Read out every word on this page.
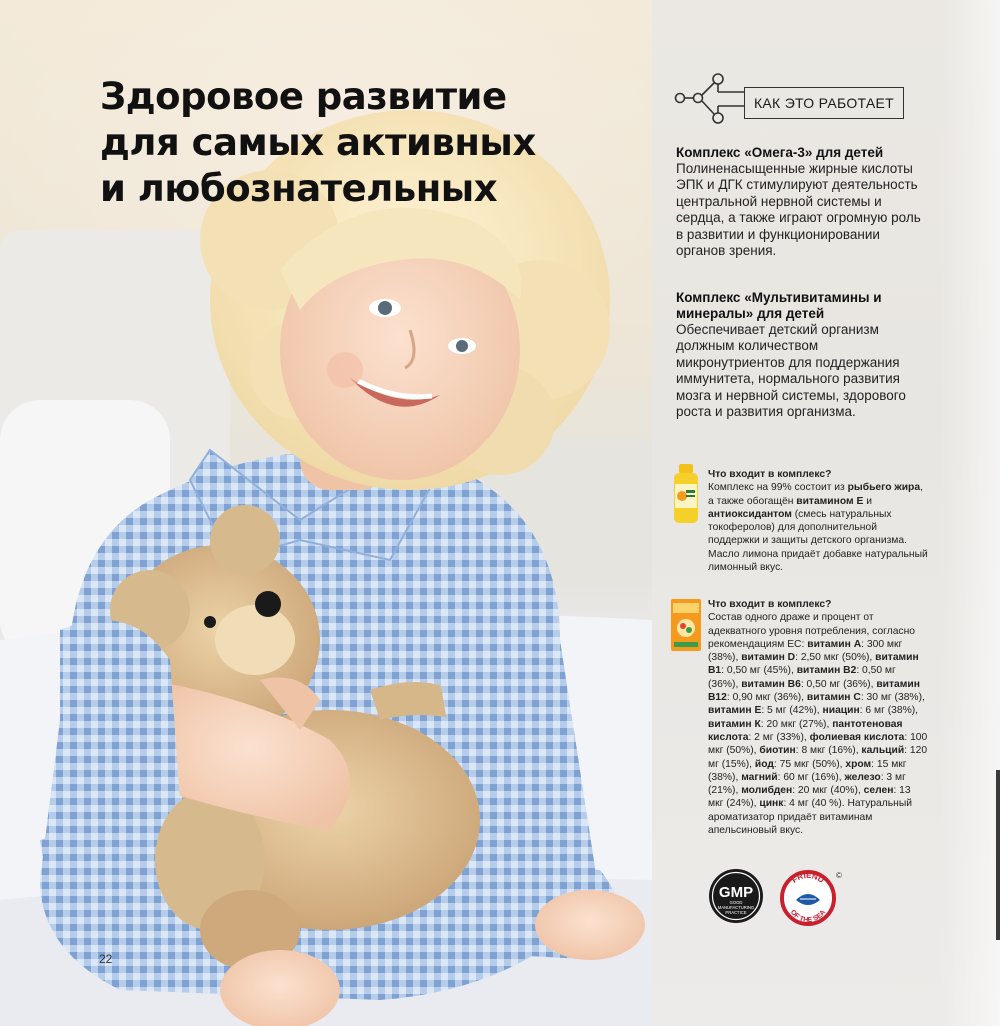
Здоровое развитие
для самых активных
и любознательных
22
КАК ЭТО РАБОТАЕТ
Комплекс «Омега-3» для детей

Полиненасыщенные жирные кислоты ЭПК и ДГК стимулируют деятельность центральной нервной системы и сердца, а также играют огромную роль в развитии и функционировании органов зрения.

Комплекс «Мультивитамины и минералы» для детей

Обеспечивает детский организм должным количеством микронутриентов для поддержания иммунитета, нормального развития мозга и нервной системы, здорового роста и развития организма.

Что входит в комплекс?
Комплекс на 99% состоит из рыбьего жира, а также обогащён витамином Е и антиоксидантом (смесь натуральных токоферолов) для дополнительной поддержки и защиты детского организма. Масло лимона придаёт добавке натуральный лимонный вкус.
Что входит в комплекс?
Состав одного драже и процент от адекватного уровня потребления, согласно рекомендациям ЕС: витамин А: 300 мкг (38%), витамин D: 2,50 мкг (50%), витамин В1: 0,50 мг (45%), витамин В2: 0,50 мг (36%), витамин В6: 0,50 мг (36%), витамин В12: 0,90 мкг (36%), витамин С: 30 мг (38%), витамин Е: 5 мг (42%), ниацин: 6 мг (38%), витамин К: 20 мкг (27%), пантотеновая кислота: 2 мг (33%), фолиевая кислота: 100 мкг (50%), биотин: 8 мкг (16%), кальций: 120 мг (15%), йод: 75 мкг (50%), хром: 15 мкг (38%), магний: 60 мг (16%), железо: 3 мг (21%), молибден: 20 мкг (40%), селен: 13 мкг (24%), цинк: 4 мг (40 %). Натуральный ароматизатор придаёт витаминам апельсиновый вкус.
GMP
GOOD
MANUFACTURING
PRACTICE
FRIEND
OF THE SEA
©
